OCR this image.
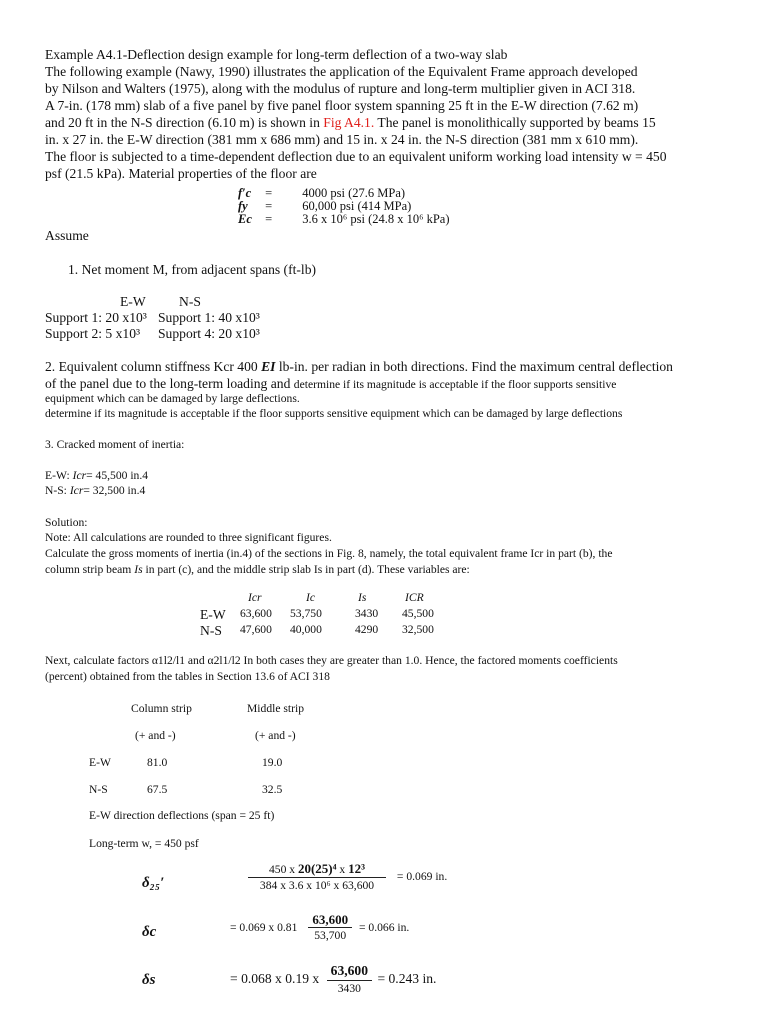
Example A4.1-Deflection design example for long-term deflection of a two-way slab
The following example (Nawy, 1990) illustrates the application of the Equivalent Frame approach developed
by Nilson and Walters (1975), along with the modulus of rupture and long-term multiplier given in ACI 318.
A 7-in. (178 mm) slab of a five panel by five panel floor system spanning 25 ft in the E-W direction (7.62 m)
and 20 ft in the N-S direction (6.10 m) is shown in Fig A4.1. The panel is monolithically supported by beams 15
in. x 27 in. the E-W direction (381 mm x 686 mm) and 15 in. x 24 in. the N-S direction (381 mm x 610 mm).
The floor is subjected to a time-dependent deflection due to an equivalent uniform working load intensity w = 450
psf (21.5 kPa). Material properties of the floor are
f′c = 4000 psi (27.6 MPa)
fy = 60,000 psi (414 MPa)
Ec = 3.6 x 10⁶ psi (24.8 x 10⁶ kPa)
Assume
1. Net moment M, from adjacent spans (ft-lb)
E-W N-S
Support 1: 20 x10³ Support 1: 40 x10³
Support 2: 5 x10³ Support 4: 20 x10³
2. Equivalent column stiffness Kcr 400 EI lb-in. per radian in both directions. Find the maximum central deflection
of the panel due to the long-term loading and determine if its magnitude is acceptable if the floor supports sensitive
equipment which can be damaged by large deflections.
determine if its magnitude is acceptable if the floor supports sensitive equipment which can be damaged by large deflections
3. Cracked moment of inertia:
E-W: Icr= 45,500 in.4
N-S: Icr= 32,500 in.4
Solution:
Note: All calculations are rounded to three significant figures.
Calculate the gross moments of inertia (in.4) of the sections in Fig. 8, namely, the total equivalent frame Icr in part (b), the
column strip beam Is in part (c), and the middle strip slab Is in part (d). These variables are:
Icr	Ic	Is	ICR
E-W 63,600 53,750	3430 45,500
N-S 47,600 40,000	4290 32,500
Next, calculate factors α1l2/l1 and α2l1/l2 In both cases they are greater than 1.0. Hence, the factored moments coefficients
(percent) obtained from the tables in Section 13.6 of ACI 318
Column strip	Middle strip
(+ and -)	(+ and -)
E-W	81.0	19.0
N-S	67.5	32.5
E-W direction deflections (span = 25 ft)
Long-term w, = 450 psf
δ₂₅′	$\frac{\text{450 x 20(25)⁴ x 12³}}{\text{384 x 3.6 x 10⁶ x 63,600}} = 0.069$ in.
δc	= 0.069 x $0.81 \frac{63,600}{53,700} = 0.066$ in.
δs	= 0.068 x 0.19 x $\frac{63,600}{3430} = 0.243$ in.
